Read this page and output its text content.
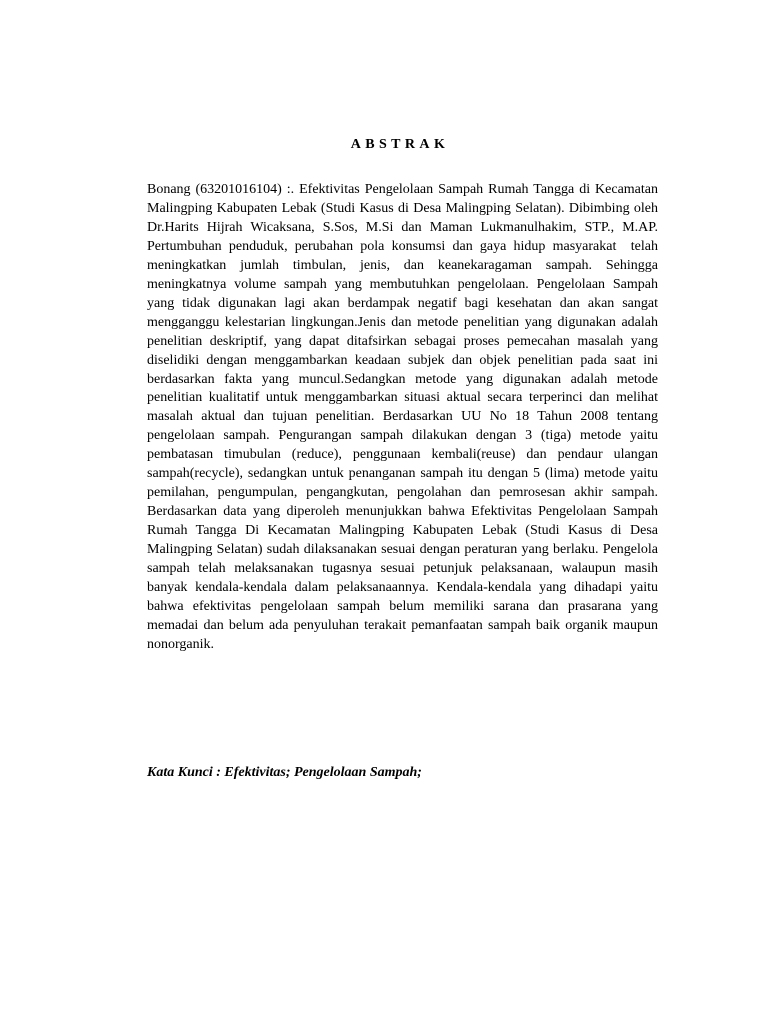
ABSTRAK

Bonang (63201016104) :. Efektivitas Pengelolaan Sampah Rumah Tangga di Kecamatan Malingping Kabupaten Lebak (Studi Kasus di Desa Malingping Selatan). Dibimbing oleh Dr.Harits Hijrah Wicaksana, S.Sos, M.Si dan Maman Lukmanulhakim, STP., M.AP. Pertumbuhan penduduk, perubahan pola konsumsi dan gaya hidup masyarakat  telah meningkatkan jumlah timbulan, jenis, dan keanekaragaman sampah. Sehingga meningkatnya volume sampah yang membutuhkan pengelolaan. Pengelolaan Sampah yang tidak digunakan lagi akan berdampak negatif bagi kesehatan dan akan sangat mengganggu kelestarian lingkungan.Jenis dan metode penelitian yang digunakan adalah penelitian deskriptif, yang dapat ditafsirkan sebagai proses pemecahan masalah yang diselidiki dengan menggambarkan keadaan subjek dan objek penelitian pada saat ini berdasarkan fakta yang muncul.Sedangkan metode yang digunakan adalah metode penelitian kualitatif untuk menggambarkan situasi aktual secara terperinci dan melihat masalah aktual dan tujuan penelitian. Berdasarkan UU No 18 Tahun 2008 tentang pengelolaan sampah. Pengurangan sampah dilakukan dengan 3 (tiga) metode yaitu pembatasan timubulan (reduce), penggunaan kembali(reuse) dan pendaur ulangan sampah(recycle), sedangkan untuk penanganan sampah itu dengan 5 (lima) metode yaitu pemilahan, pengumpulan, pengangkutan, pengolahan dan pemrosesan akhir sampah. Berdasarkan data yang diperoleh menunjukkan bahwa Efektivitas Pengelolaan Sampah Rumah Tangga Di Kecamatan Malingping Kabupaten Lebak (Studi Kasus di Desa Malingping Selatan) sudah dilaksanakan sesuai dengan peraturan yang berlaku. Pengelola sampah telah melaksanakan tugasnya sesuai petunjuk pelaksanaan, walaupun masih banyak kendala-kendala dalam pelaksanaannya. Kendala-kendala yang dihadapi yaitu bahwa efektivitas pengelolaan sampah belum memiliki sarana dan prasarana yang memadai dan belum ada penyuluhan terakait pemanfaatan sampah baik organik maupun nonorganik.

Kata Kunci : Efektivitas; Pengelolaan Sampah;
